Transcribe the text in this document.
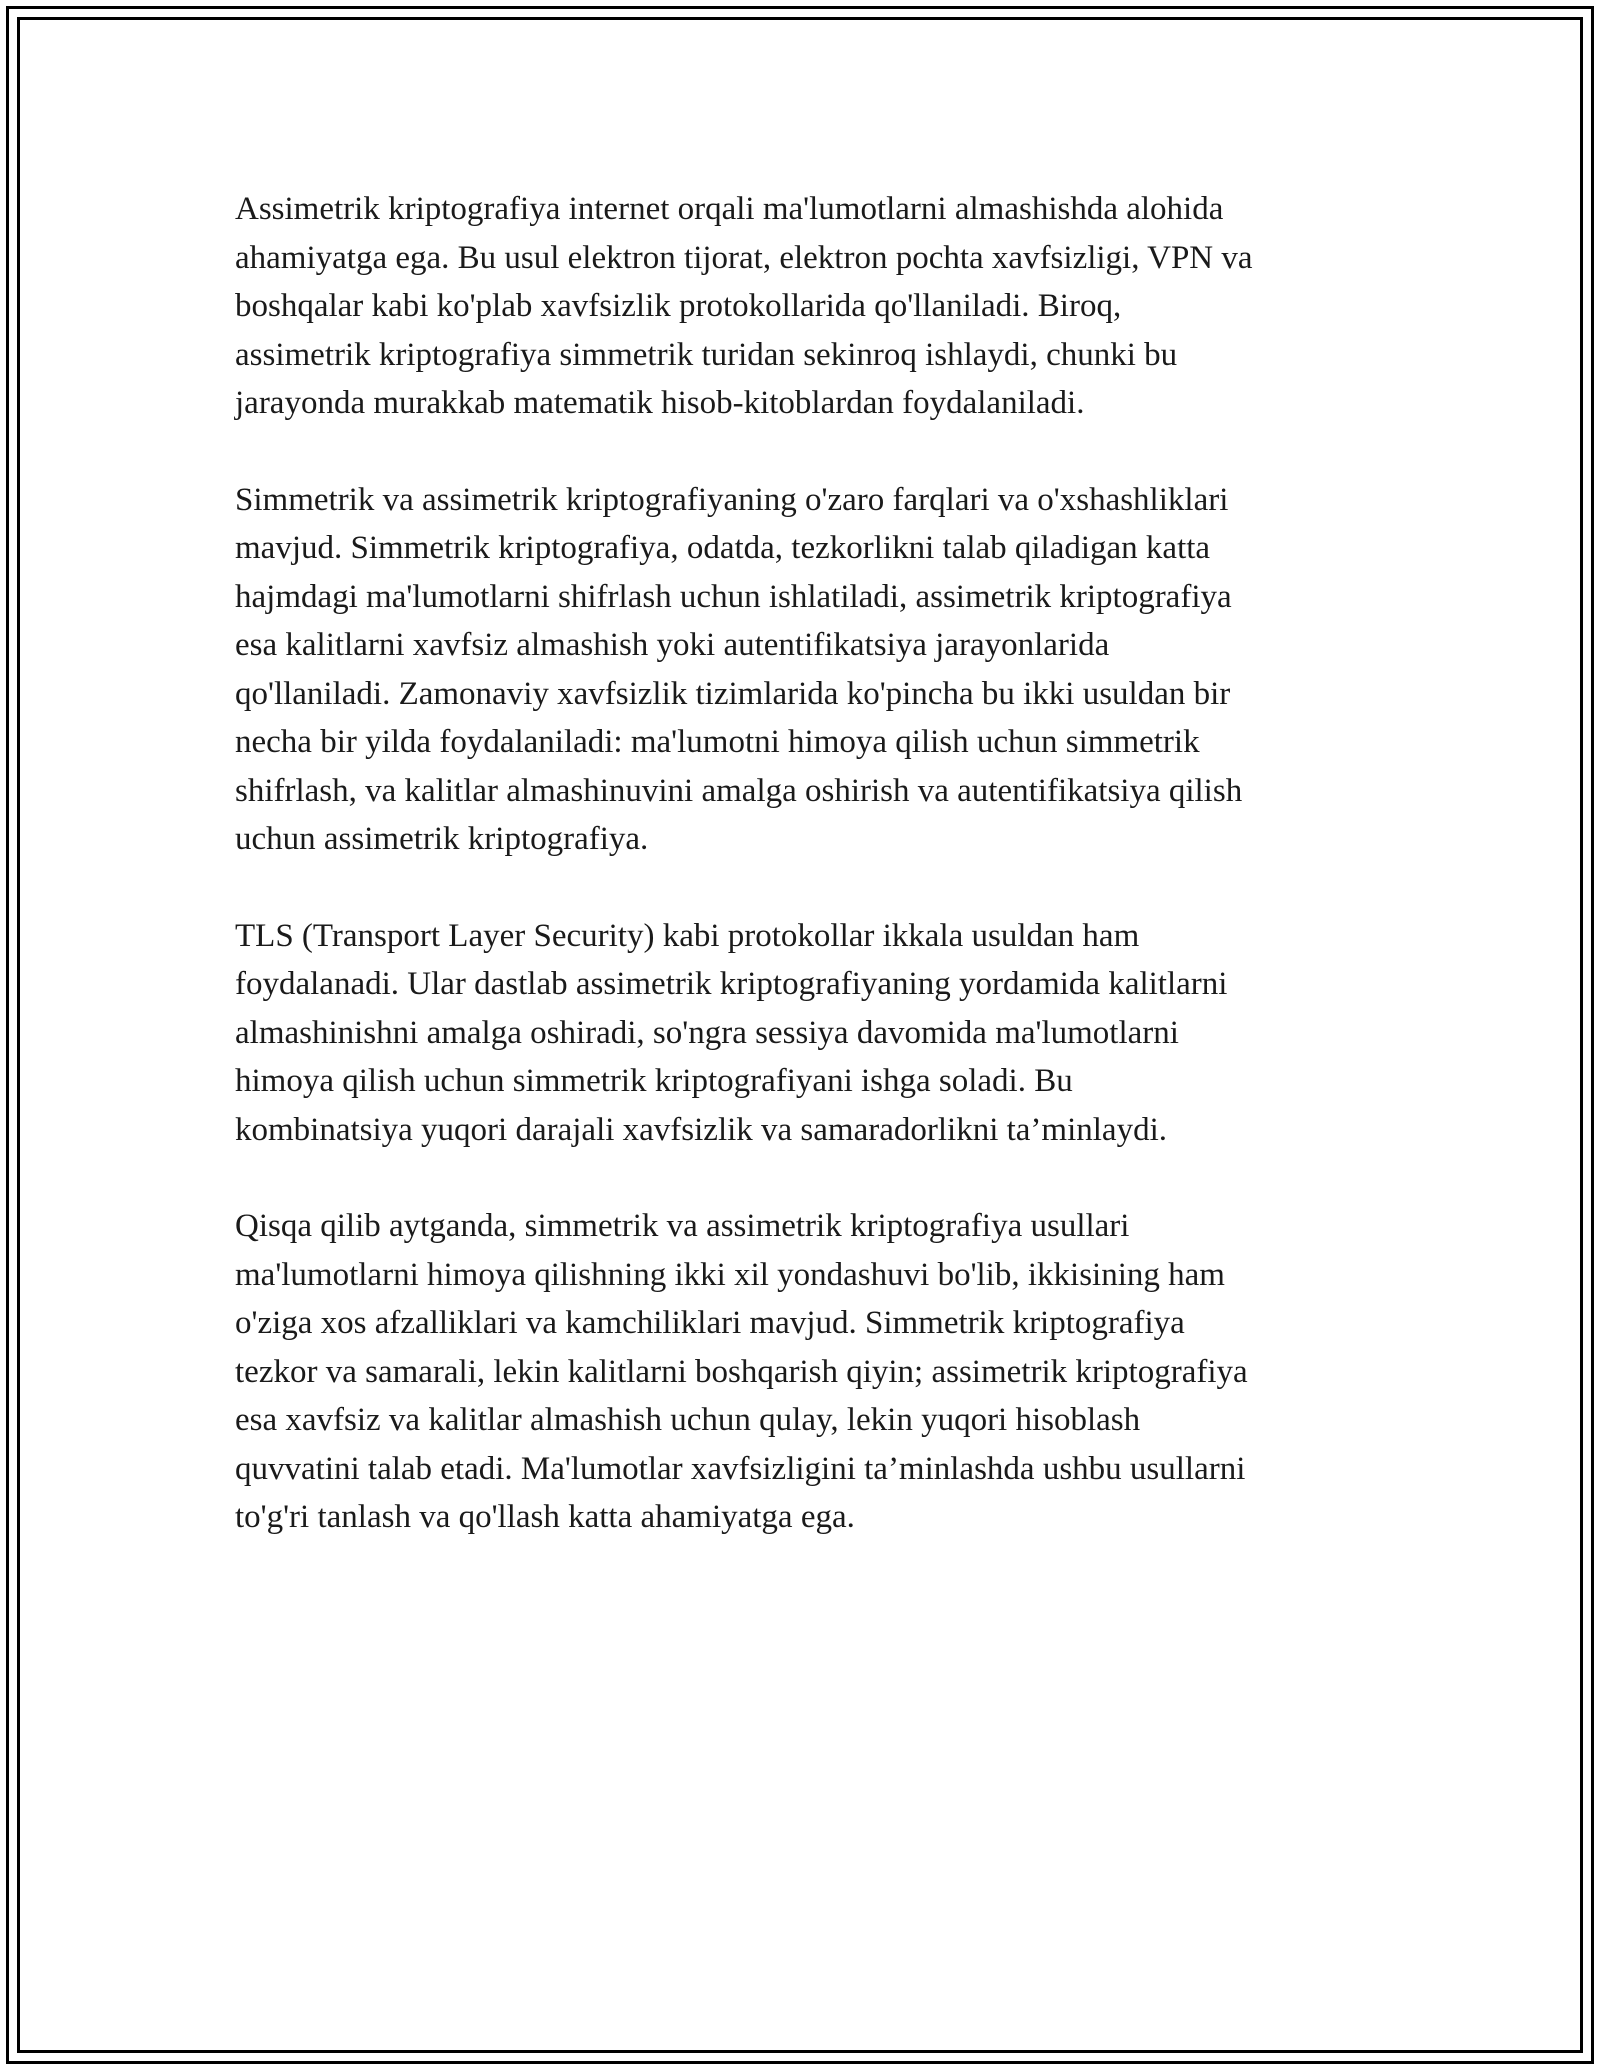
Assimetrik kriptografiya internet orqali ma'lumotlarni almashishda alohida
ahamiyatga ega. Bu usul elektron tijorat, elektron pochta xavfsizligi, VPN va
boshqalar kabi ko'plab xavfsizlik protokollarida qo'llaniladi. Biroq,
assimetrik kriptografiya simmetrik turidan sekinroq ishlaydi, chunki bu
jarayonda murakkab matematik hisob-kitoblardan foydalaniladi.

Simmetrik va assimetrik kriptografiyaning o'zaro farqlari va o'xshashliklari
mavjud. Simmetrik kriptografiya, odatda, tezkorlikni talab qiladigan katta
hajmdagi ma'lumotlarni shifrlash uchun ishlatiladi, assimetrik kriptografiya
esa kalitlarni xavfsiz almashish yoki autentifikatsiya jarayonlarida
qo'llaniladi. Zamonaviy xavfsizlik tizimlarida ko'pincha bu ikki usuldan bir
necha bir yilda foydalaniladi: ma'lumotni himoya qilish uchun simmetrik
shifrlash, va kalitlar almashinuvini amalga oshirish va autentifikatsiya qilish
uchun assimetrik kriptografiya.

TLS (Transport Layer Security) kabi protokollar ikkala usuldan ham
foydalanadi. Ular dastlab assimetrik kriptografiyaning yordamida kalitlarni
almashinishni amalga oshiradi, so'ngra sessiya davomida ma'lumotlarni
himoya qilish uchun simmetrik kriptografiyani ishga soladi. Bu
kombinatsiya yuqori darajali xavfsizlik va samaradorlikni ta’minlaydi.

Qisqa qilib aytganda, simmetrik va assimetrik kriptografiya usullari
ma'lumotlarni himoya qilishning ikki xil yondashuvi bo'lib, ikkisining ham
o'ziga xos afzalliklari va kamchiliklari mavjud. Simmetrik kriptografiya
tezkor va samarali, lekin kalitlarni boshqarish qiyin; assimetrik kriptografiya
esa xavfsiz va kalitlar almashish uchun qulay, lekin yuqori hisoblash
quvvatini talab etadi. Ma'lumotlar xavfsizligini ta’minlashda ushbu usullarni
to'g'ri tanlash va qo'llash katta ahamiyatga ega.
